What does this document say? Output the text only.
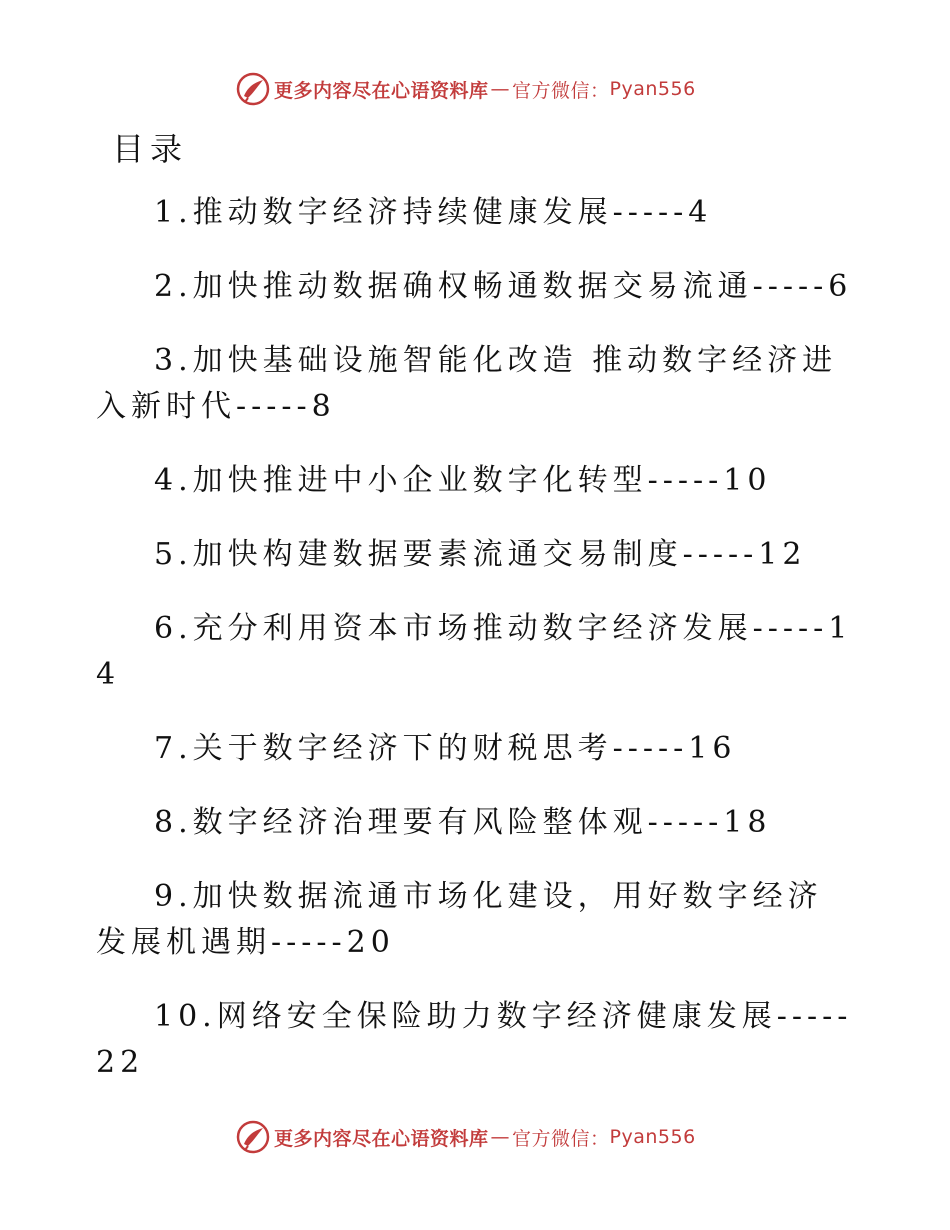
更多内容尽在心语资料库 — 官方微信： Pyan556
目录
1.推动数字经济持续健康发展-----4
2.加快推动数据确权畅通数据交易流通-----6
3.加快基础设施智能化改造 推动数字经济进入新时代-----8
4.加快推进中小企业数字化转型-----10
5.加快构建数据要素流通交易制度-----12
6.充分利用资本市场推动数字经济发展-----14
7.关于数字经济下的财税思考-----16
8.数字经济治理要有风险整体观-----18
9.加快数据流通市场化建设，用好数字经济发展机遇期-----20
10.网络安全保险助力数字经济健康发展-----22
更多内容尽在心语资料库 — 官方微信： Pyan556
